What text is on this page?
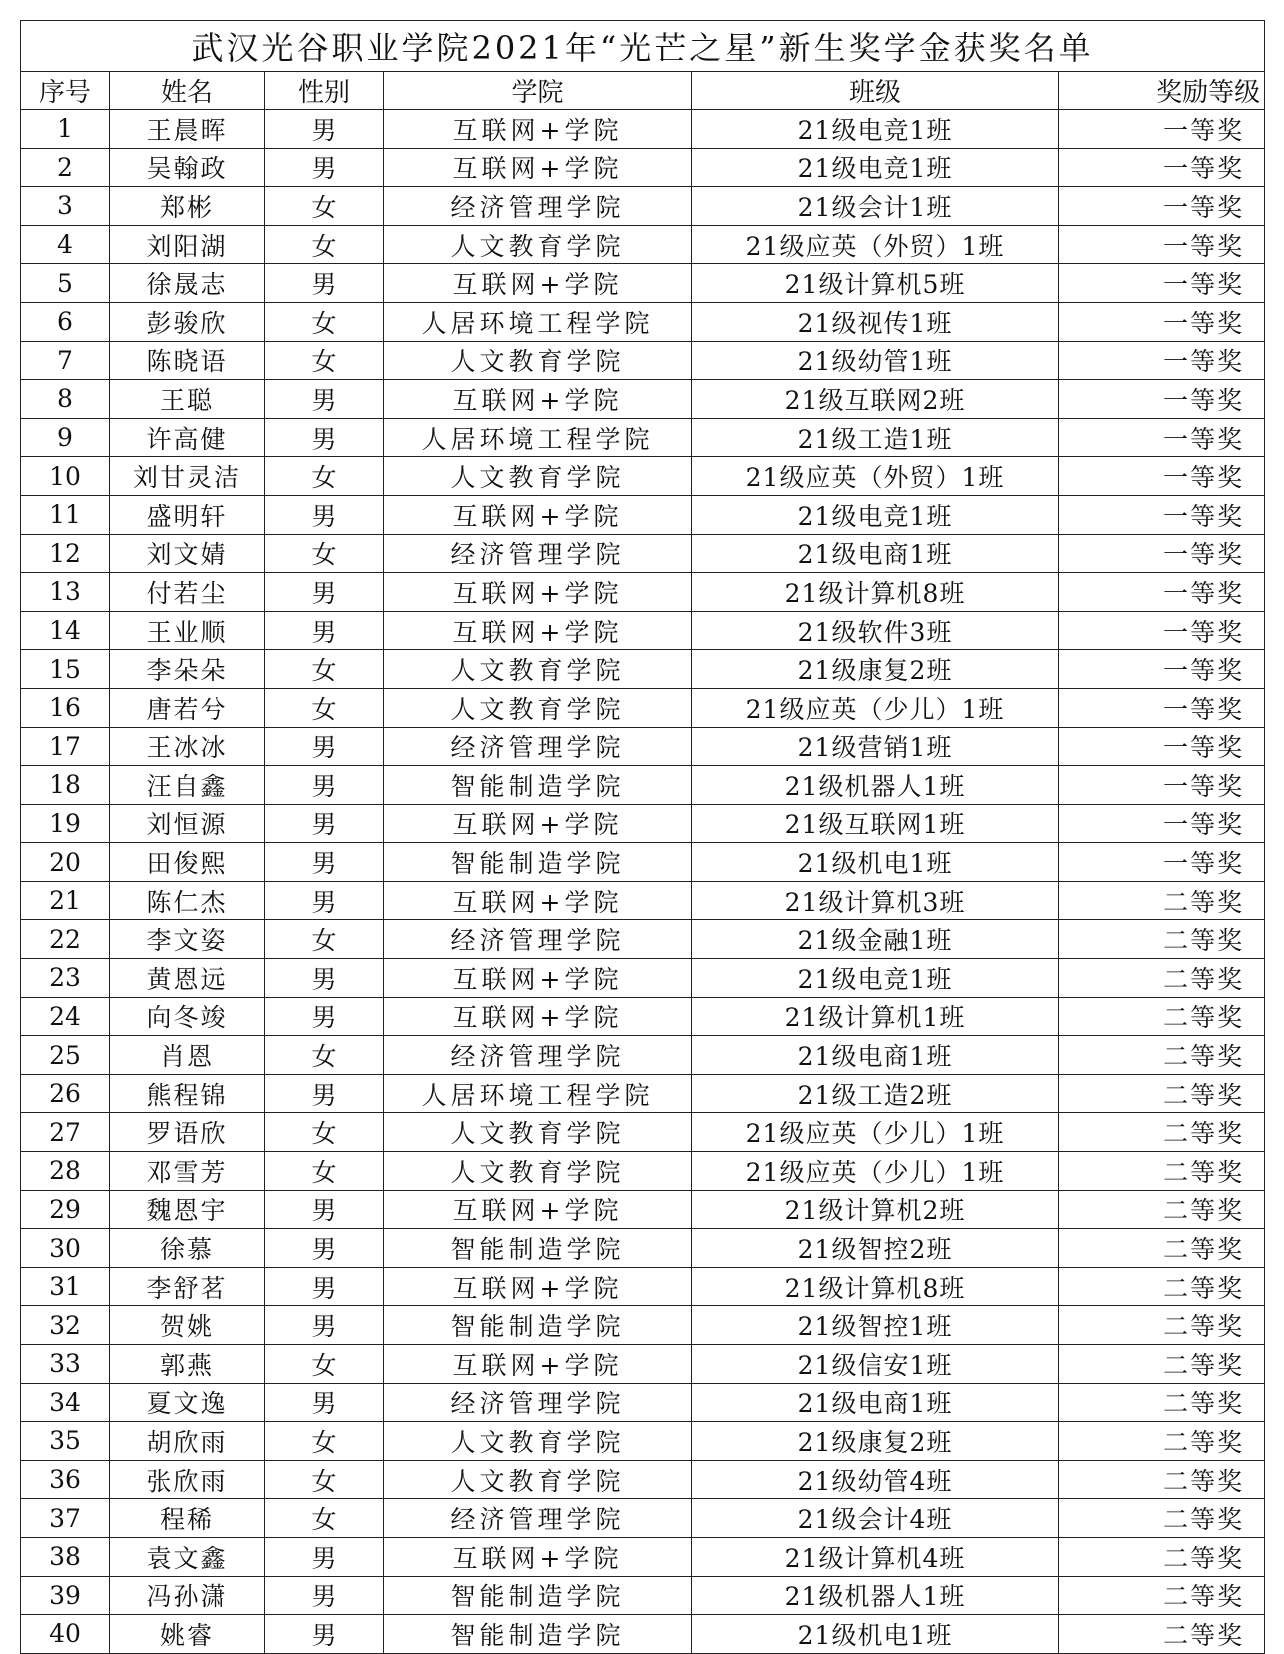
武汉光谷职业学院2021年“光芒之星”新生奖学金获奖名单					
序号	姓名	性别	学院	班级	奖励等级
1	王晨晖	男	互联网+学院	21级电竞1班	一等奖
2	吴翰政	男	互联网+学院	21级电竞1班	一等奖
3	郑彬	女	经济管理学院	21级会计1班	一等奖
4	刘阳湖	女	人文教育学院	21级应英（外贸）1班	一等奖
5	徐晟志	男	互联网+学院	21级计算机5班	一等奖
6	彭骏欣	女	人居环境工程学院	21级视传1班	一等奖
7	陈晓语	女	人文教育学院	21级幼管1班	一等奖
8	王聪	男	互联网+学院	21级互联网2班	一等奖
9	许高健	男	人居环境工程学院	21级工造1班	一等奖
10	刘甘灵洁	女	人文教育学院	21级应英（外贸）1班	一等奖
11	盛明轩	男	互联网+学院	21级电竞1班	一等奖
12	刘文婧	女	经济管理学院	21级电商1班	一等奖
13	付若尘	男	互联网+学院	21级计算机8班	一等奖
14	王业顺	男	互联网+学院	21级软件3班	一等奖
15	李朵朵	女	人文教育学院	21级康复2班	一等奖
16	唐若兮	女	人文教育学院	21级应英（少儿）1班	一等奖
17	王冰冰	男	经济管理学院	21级营销1班	一等奖
18	汪自鑫	男	智能制造学院	21级机器人1班	一等奖
19	刘恒源	男	互联网+学院	21级互联网1班	一等奖
20	田俊熙	男	智能制造学院	21级机电1班	一等奖
21	陈仁杰	男	互联网+学院	21级计算机3班	二等奖
22	李文姿	女	经济管理学院	21级金融1班	二等奖
23	黄恩远	男	互联网+学院	21级电竞1班	二等奖
24	向冬竣	男	互联网+学院	21级计算机1班	二等奖
25	肖恩	女	经济管理学院	21级电商1班	二等奖
26	熊程锦	男	人居环境工程学院	21级工造2班	二等奖
27	罗语欣	女	人文教育学院	21级应英（少儿）1班	二等奖
28	邓雪芳	女	人文教育学院	21级应英（少儿）1班	二等奖
29	魏恩宇	男	互联网+学院	21级计算机2班	二等奖
30	徐慕	男	智能制造学院	21级智控2班	二等奖
31	李舒茗	男	互联网+学院	21级计算机8班	二等奖
32	贺姚	男	智能制造学院	21级智控1班	二等奖
33	郭燕	女	互联网+学院	21级信安1班	二等奖
34	夏文逸	男	经济管理学院	21级电商1班	二等奖
35	胡欣雨	女	人文教育学院	21级康复2班	二等奖
36	张欣雨	女	人文教育学院	21级幼管4班	二等奖
37	程稀	女	经济管理学院	21级会计4班	二等奖
38	袁文鑫	男	互联网+学院	21级计算机4班	二等奖
39	冯孙潇	男	智能制造学院	21级机器人1班	二等奖
40	姚睿	男	智能制造学院	21级机电1班	二等奖
